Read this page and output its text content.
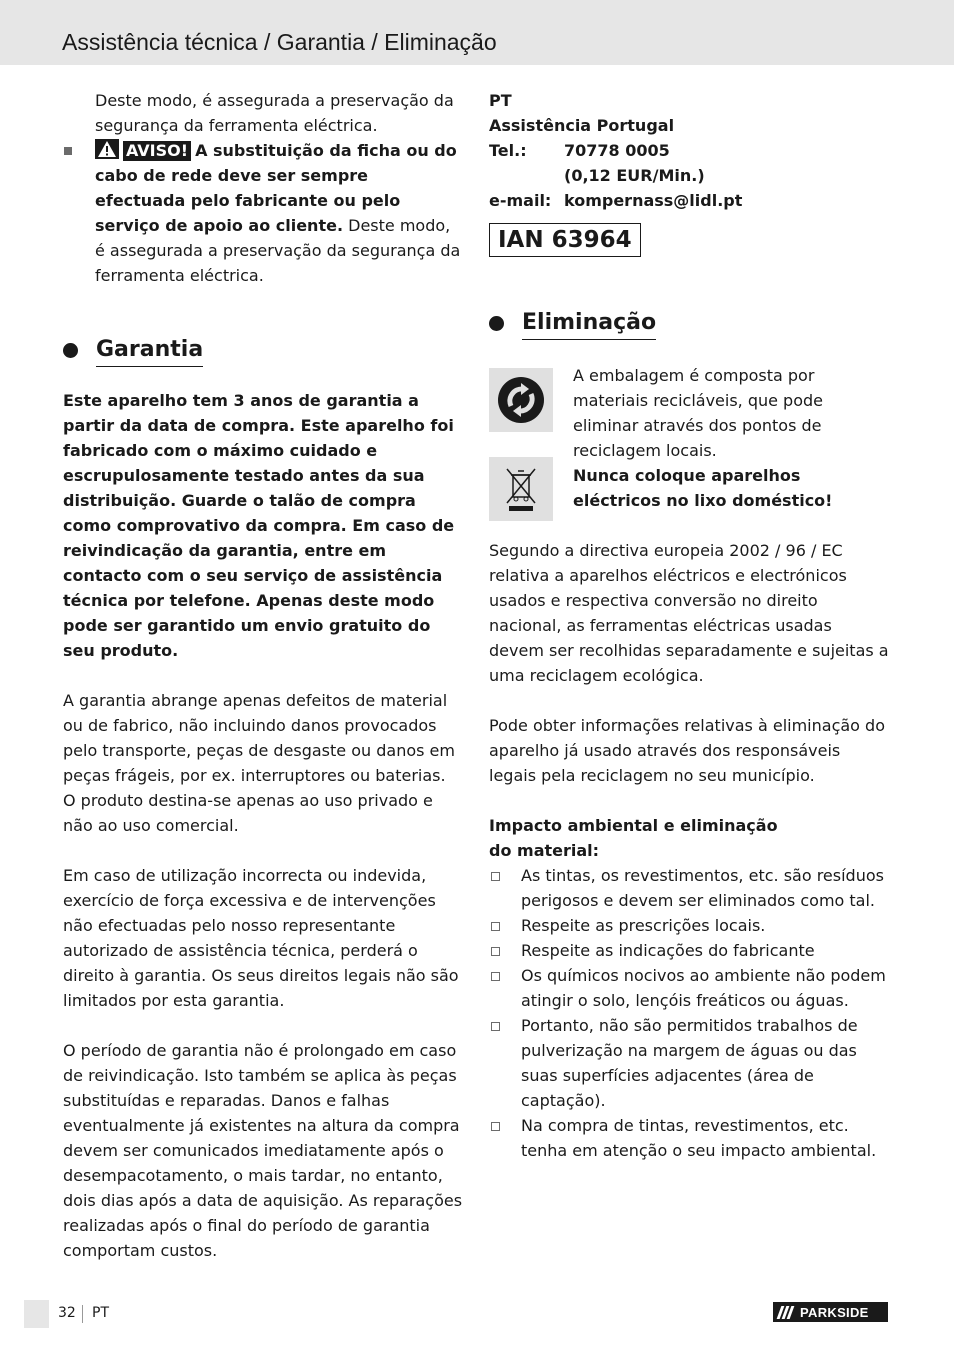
Assistência técnica / Garantia / Eliminação

Deste modo, é assegurada a preservação da segurança da ferramenta eléctrica.

AVISO! A substituição da ficha ou do cabo de rede deve ser sempre efectuada pelo fabricante ou pelo serviço de apoio ao cliente. Deste modo, é assegurada a preservação da segurança da ferramenta eléctrica.
Garantia

Este aparelho tem 3 anos de garantia a partir da data de compra. Este aparelho foi fabricado com o máximo cuidado e escrupulosamente testado antes da sua distribuição. Guarde o talão de compra como comprovativo da compra. Em caso de reivindicação da garantia, entre em contacto com o seu serviço de assistência técnica por telefone. Apenas deste modo pode ser garantido um envio gratuito do seu produto.

A garantia abrange apenas defeitos de material ou de fabrico, não incluindo danos provocados pelo transporte, peças de desgaste ou danos em peças frágeis, por ex. interruptores ou baterias. O produto destina-se apenas ao uso privado e não ao uso comercial.

Em caso de utilização incorrecta ou indevida, exercício de força excessiva e de intervenções não efectuadas pelo nosso representante autorizado de assistência técnica, perderá o direito à garantia. Os seus direitos legais não são limitados por esta garantia.

O período de garantia não é prolongado em caso de reivindicação. Isto também se aplica às peças substituídas e reparadas. Danos e falhas eventualmente já existentes na altura da compra devem ser comunicados imediatamente após o desempacotamento, o mais tardar, no entanto, dois dias após a data de aquisição. As reparações realizadas após o final do período de garantia comportam custos.

PT
Assistência Portugal
Tel.:	70778 0005
(0,12 EUR/Min.)
e-mail: kompernass@lidl.pt
IAN 63964
Eliminação
A embalagem é composta por materiais recicláveis, que pode eliminar através dos pontos de reciclagem locais.
Nunca coloque aparelhos eléctricos no lixo doméstico!

Segundo a directiva europeia 2002 / 96 / EC relativa a aparelhos eléctricos e electrónicos usados e respectiva conversão no direito nacional, as ferramentas eléctricas usadas devem ser recolhidas separadamente e sujeitas a uma reciclagem ecológica.

Pode obter informações relativas à eliminação do aparelho já usado através dos responsáveis legais pela reciclagem no seu município.

Impacto ambiental e eliminação
do material:
As tintas, os revestimentos, etc. são resíduos perigosos e devem ser eliminados como tal.
Respeite as prescrições locais.
Respeite as indicações do fabricante
Os químicos nocivos ao ambiente não podem atingir o solo, lençóis freáticos ou águas.
Portanto, não são permitidos trabalhos de pulverização na margem de águas ou das suas superfícies adjacentes (área de captação).
Na compra de tintas, revestimentos, etc. tenha em atenção o seu impacto ambiental.
32 PT	PARKSIDE
